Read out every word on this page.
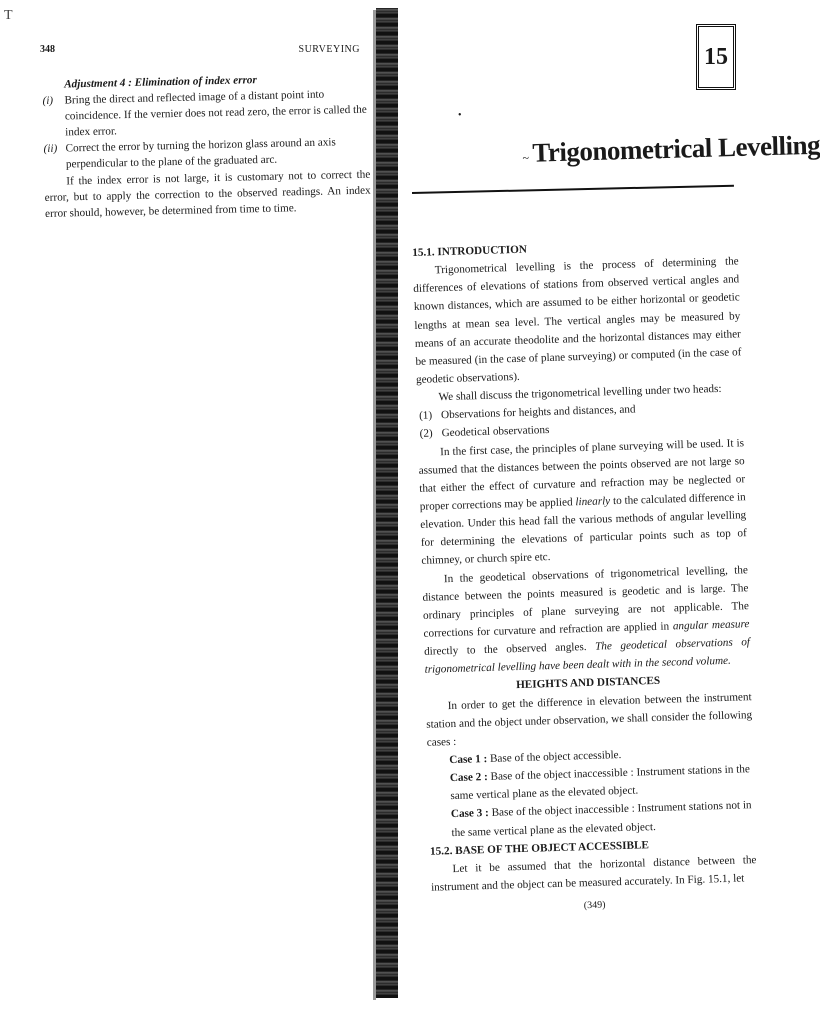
T
348	SURVEYING
Adjustment 4 : Elimination of index error
(i) Bring the direct and reflected image of a distant point into coincidence. If the vernier does not read zero, the error is called the index error.
(ii) Correct the error by turning the horizon glass around an axis perpendicular to the plane of the graduated arc.
If the index error is not large, it is customary not to correct the error, but to apply the correction to the observed readings. An index error should, however, be determined from time to time.
15
•
~ Trigonometrical Levelling
15.1. INTRODUCTION
Trigonometrical levelling is the process of determining the differences of elevations of stations from observed vertical angles and known distances, which are assumed to be either horizontal or geodetic lengths at mean sea level. The vertical angles may be measured by means of an accurate theodolite and the horizontal distances may either be measured (in the case of plane surveying) or computed (in the case of geodetic observations).
We shall discuss the trigonometrical levelling under two heads:
(1) Observations for heights and distances, and
(2) Geodetical observations
In the first case, the principles of plane surveying will be used. It is assumed that the distances between the points observed are not large so that either the effect of curvature and refraction may be neglected or proper corrections may be applied linearly to the calculated difference in elevation. Under this head fall the various methods of angular levelling for determining the elevations of particular points such as top of chimney, or church spire etc.
In the geodetical observations of trigonometrical levelling, the distance between the points measured is geodetic and is large. The ordinary principles of plane surveying are not applicable. The corrections for curvature and refraction are applied in angular measure directly to the observed angles. The geodetical observations of trigonometrical levelling have been dealt with in the second volume.
HEIGHTS AND DISTANCES
In order to get the difference in elevation between the instrument station and the object under observation, we shall consider the following cases :
Case 1 : Base of the object accessible.
Case 2 : Base of the object inaccessible : Instrument stations in the same vertical plane as the elevated object.
Case 3 : Base of the object inaccessible : Instrument stations not in the same vertical plane as the elevated object.
15.2. BASE OF THE OBJECT ACCESSIBLE
Let it be assumed that the horizontal distance between the instrument and the object can be measured accurately. In Fig. 15.1, let
(349)
